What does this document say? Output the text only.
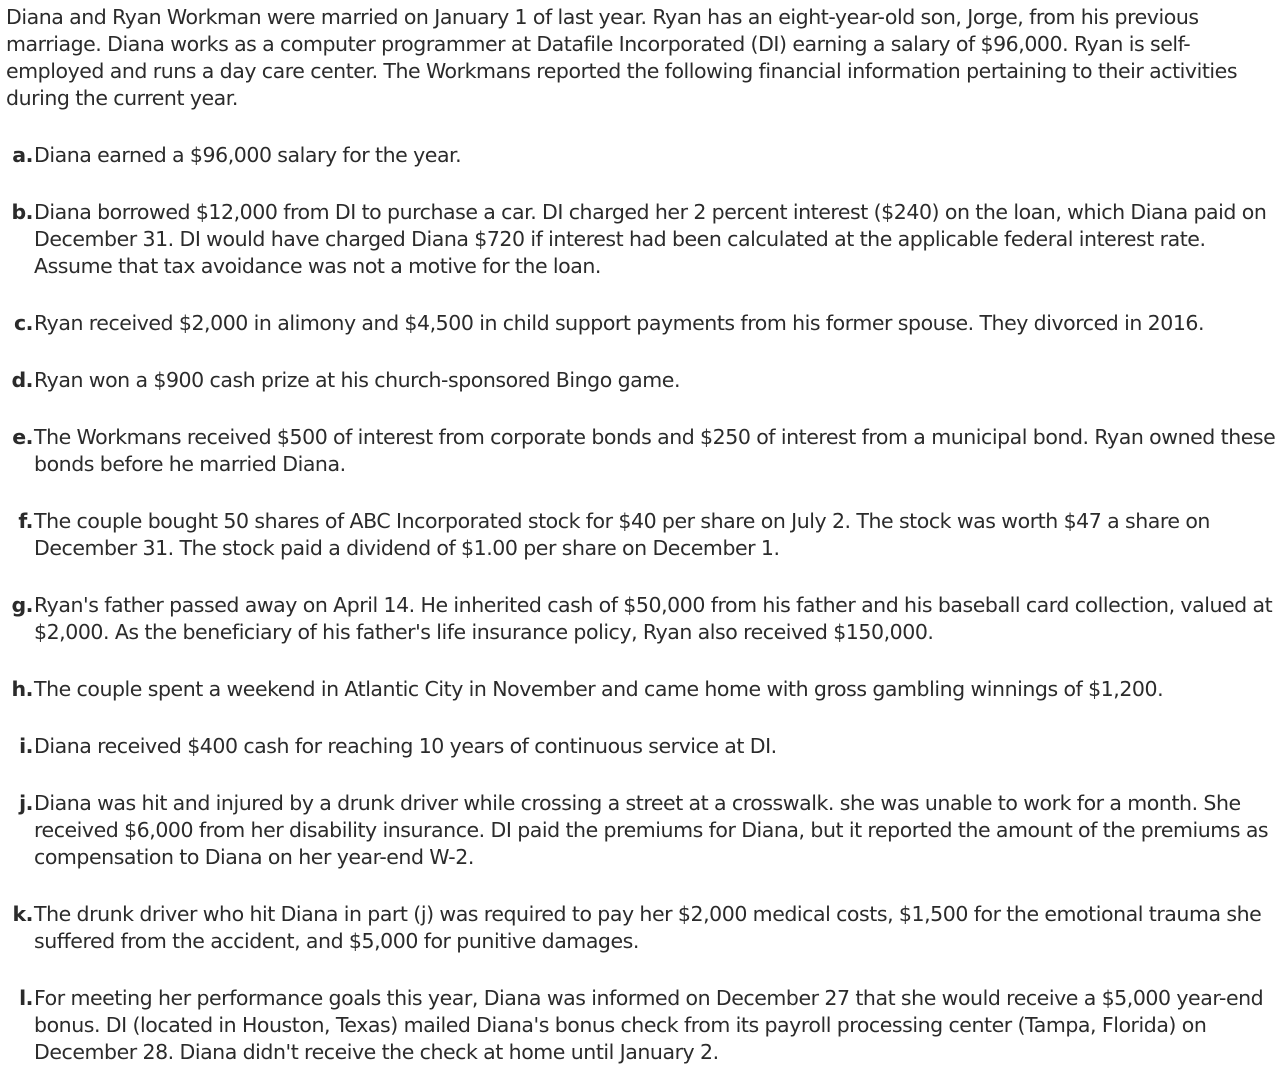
Diana and Ryan Workman were married on January 1 of last year. Ryan has an eight-year-old son, Jorge, from his previous marriage. Diana works as a computer programmer at Datafile Incorporated (DI) earning a salary of $96,000. Ryan is self-employed and runs a day care center. The Workmans reported the following financial information pertaining to their activities during the current year.

a. Diana earned a $96,000 salary for the year.
b. Diana borrowed $12,000 from DI to purchase a car. DI charged her 2 percent interest ($240) on the loan, which Diana paid on December 31. DI would have charged Diana $720 if interest had been calculated at the applicable federal interest rate. Assume that tax avoidance was not a motive for the loan.
c. Ryan received $2,000 in alimony and $4,500 in child support payments from his former spouse. They divorced in 2016.
d. Ryan won a $900 cash prize at his church-sponsored Bingo game.
e. The Workmans received $500 of interest from corporate bonds and $250 of interest from a municipal bond. Ryan owned these bonds before he married Diana.
f. The couple bought 50 shares of ABC Incorporated stock for $40 per share on July 2. The stock was worth $47 a share on December 31. The stock paid a dividend of $1.00 per share on December 1.
g. Ryan's father passed away on April 14. He inherited cash of $50,000 from his father and his baseball card collection, valued at $2,000. As the beneficiary of his father's life insurance policy, Ryan also received $150,000.
h. The couple spent a weekend in Atlantic City in November and came home with gross gambling winnings of $1,200.
i. Diana received $400 cash for reaching 10 years of continuous service at DI.
j. Diana was hit and injured by a drunk driver while crossing a street at a crosswalk. she was unable to work for a month. She received $6,000 from her disability insurance. DI paid the premiums for Diana, but it reported the amount of the premiums as compensation to Diana on her year-end W-2.
k. The drunk driver who hit Diana in part (j) was required to pay her $2,000 medical costs, $1,500 for the emotional trauma she suffered from the accident, and $5,000 for punitive damages.
l. For meeting her performance goals this year, Diana was informed on December 27 that she would receive a $5,000 year-end bonus. DI (located in Houston, Texas) mailed Diana's bonus check from its payroll processing center (Tampa, Florida) on December 28. Diana didn't receive the check at home until January 2.
